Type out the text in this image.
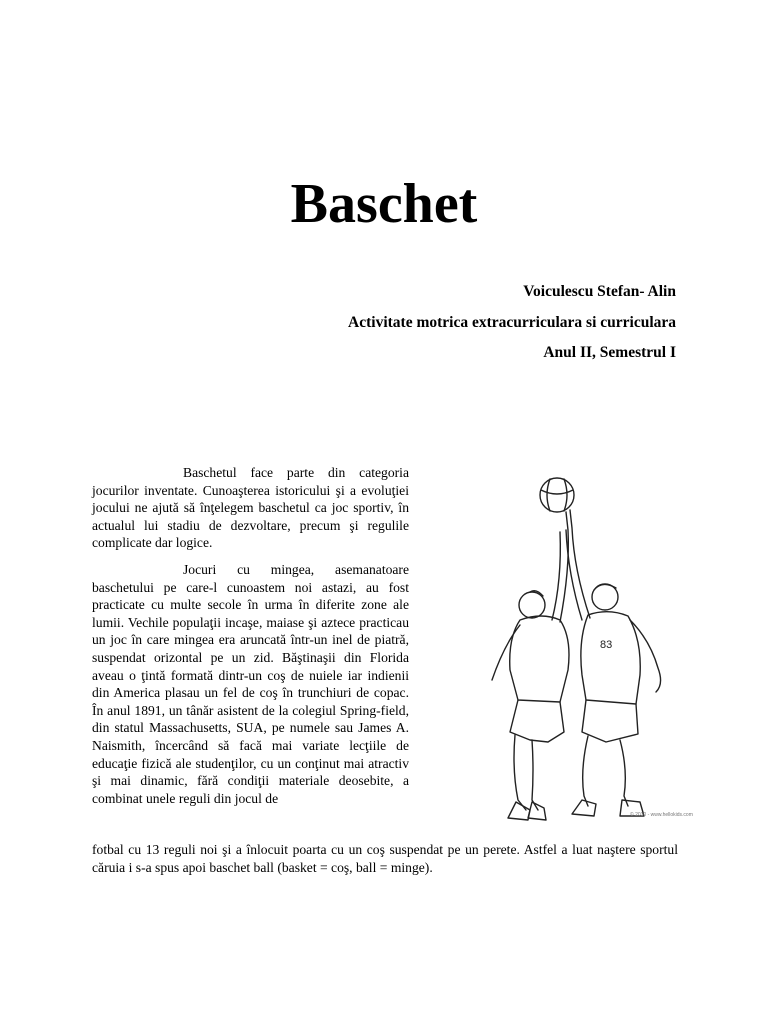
Baschet
Voiculescu Stefan- Alin
Activitate motrica extracurriculara si curriculara
Anul II, Semestrul I

Baschetul face parte din categoria jocurilor inventate. Cunoaşterea istoricului şi a evoluţiei jocului ne ajută să înţelegem baschetul ca joc sportiv, în actualul lui stadiu de dezvoltare, precum şi regulile complicate dar logice.

Jocuri cu mingea, asemanatoare baschetului pe care-l cunoastem noi astazi, au fost practicate cu multe secole în urma în diferite zone ale lumii. Vechile populaţii incaşe, maiase şi aztece practicau un joc în care mingea era aruncată într-un inel de piatră, suspendat orizontal pe un zid. Băştinaşii din Florida aveau o ţintă formată dintr-un coş de nuiele iar indienii din America plasau un fel de coş în trunchiuri de copac. În anul 1891, un tânăr asistent de la colegiul Spring-field, din statul Massachusetts, SUA, pe numele sau James A. Naismith, încercând să facă mai variate lecţiile de educaţie fizică ale studenţilor, cu un conţinut mai atractiv şi mai dinamic, fără condiţii materiale deosebite, a combinat unele reguli din jocul de

fotbal cu 13 reguli noi şi a înlocuit poarta cu un coş suspendat pe un perete. Astfel a luat naştere sportul căruia i s-a spus apoi baschet ball (basket = coş, ball = minge).

83
© 2010 - www.hellokids.com
